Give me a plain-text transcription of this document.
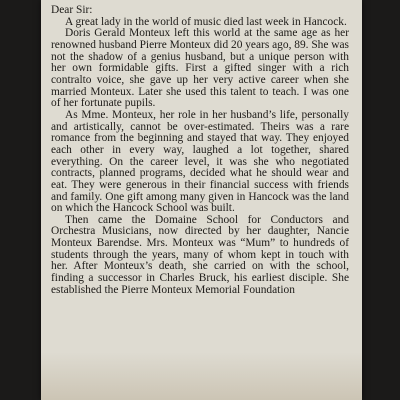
Dear Sir:

A great lady in the world of music died last week in Hancock.

Doris Gerald Monteux left this world at the same age as her renowned husband Pierre Monteux did 20 years ago, 89. She was not the shadow of a genius husband, but a unique person with her own formidable gifts. First a gifted singer with a rich contralto voice, she gave up her very active career when she married Monteux. Later she used this talent to teach. I was one of her fortunate pupils.

As Mme. Monteux, her role in her husband’s life, personally and artistically, cannot be over-estimated. Theirs was a rare romance from the beginning and stayed that way. They enjoyed each other in every way, laughed a lot together, shared everything. On the career level, it was she who negotiated contracts, planned programs, decided what he should wear and eat. They were generous in their financial success with friends and family. One gift among many given in Hancock was the land on which the Hancock School was built.

Then came the Domaine School for Conductors and Orchestra Musicians, now directed by her daughter, Nancie Monteux Barendse. Mrs. Monteux was “Mum” to hundreds of students through the years, many of whom kept in touch with her. After Monteux’s death, she carried on with the school, finding a successor in Charles Bruck, his earliest disciple. She established the Pierre Monteux Memorial Foundation
